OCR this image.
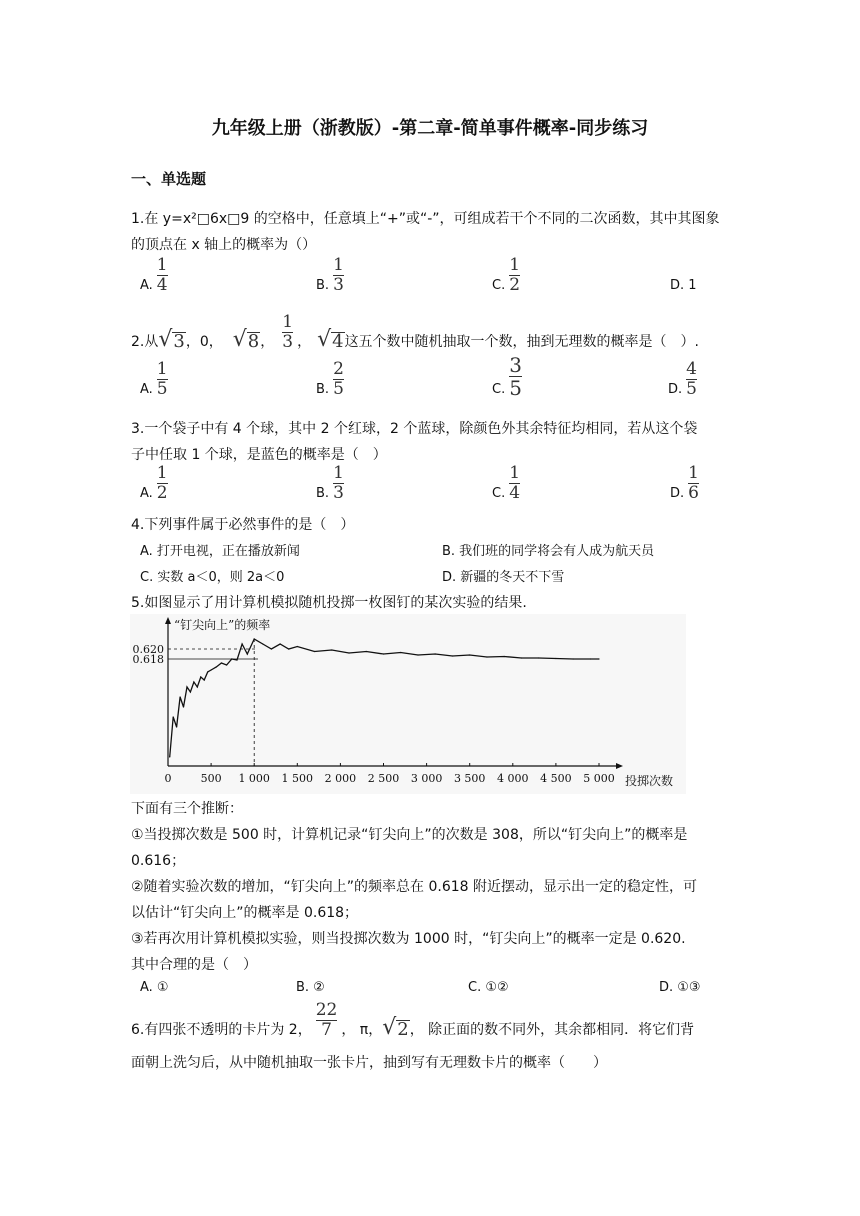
九年级上册（浙教版）-第二章-简单事件概率-同步练习
一、单选题
1.在 y=x²□6x□9 的空格中，任意填上“+”或“-”，可组成若干个不同的二次函数，其中其图象
的顶点在 x 轴上的概率为（）
A. $\frac{1}{4}$	B. $\frac{1}{3}$	C. $\frac{1}{2}$	D. 1
2.从 √ 3 ，0， √ 8 ， $\frac{1}{3}$ ， √ 4 这五个数中随机抽取一个数，抽到无理数的概率是（　）.
A. $\frac{1}{5}$	B. $\frac{2}{5}$	C. $\frac{3}{5}$	D. $\frac{4}{5}$
3.一个袋子中有 4 个球，其中 2 个红球，2 个蓝球，除颜色外其余特征均相同，若从这个袋
子中任取 1 个球，是蓝色的概率是（　）
A. $\frac{1}{2}$	B. $\frac{1}{3}$	C. $\frac{1}{4}$	D. $\frac{1}{6}$
4.下列事件属于必然事件的是（　）
A. 打开电视，正在播放新闻	B. 我们班的同学将会有人成为航天员
C. 实数 a＜0，则 2a＜0	D. 新疆的冬天不下雪
5.如图显示了用计算机模拟随机投掷一枚图钉的某次实验的结果.
0.620
0.618
0	500 1 000 1 500 2 000 2 500 3 000 3 500 4 000 4 500 5 000
“钉尖向上”的频率
投掷次数
下面有三个推断：
①当投掷次数是 500 时，计算机记录“钉尖向上”的次数是 308，所以“钉尖向上”的概率是
0.616；
②随着实验次数的增加，“钉尖向上”的频率总在 0.618 附近摆动，显示出一定的稳定性，可
以估计“钉尖向上”的概率是 0.618；
③若再次用计算机模拟实验，则当投掷次数为 1000 时，“钉尖向上”的概率一定是 0.620.
其中合理的是（　）
A. ①	B. ②	C. ①②	D. ①③
6.有四张不透明的卡片为 2， $\frac{22}{7}$ ， π， √ 2 ， 除正面的数不同外，其余都相同．将它们背
面朝上洗匀后，从中随机抽取一张卡片，抽到写有无理数卡片的概率（　　）
